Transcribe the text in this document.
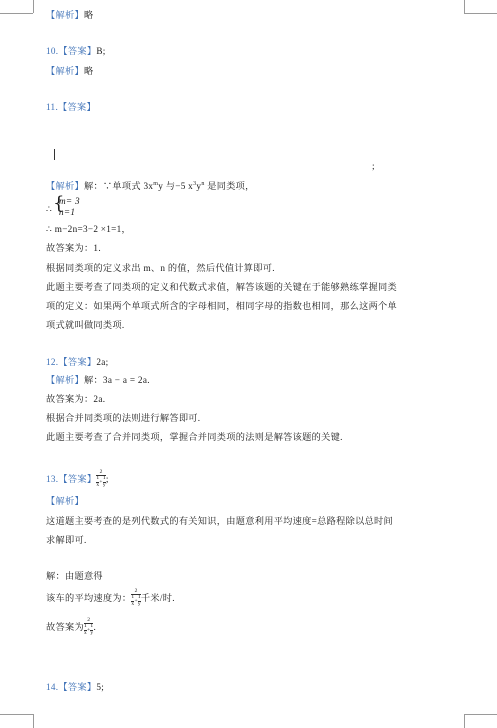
【解析】略
10.【答案】B;
【解析】略
11.【答案】
;
【解析】解：∵单项式 $3x^my$ 与−5 $x^3y^n$ 是同类项，
∴ {
m= 3
n=1
∴ m−2n=3−2 ×1=1，
故答案为：1.
根据同类项的定义求出 m、n 的值，然后代值计算即可.
此题主要考查了同类项的定义和代数式求值，解答该题的关键在于能够熟练掌握同类
项的定义：如果两个单项式所含的字母相同，相同字母的指数也相同，那么这两个单
项式就叫做同类项.
12.【答案】2a;
【解析】解：3a − a = 2a.
故答案为：2a.
根据合并同类项的法则进行解答即可.
此题主要考查了合并同类项，掌握合并同类项的法则是解答该题的关键.
13. 【答案】 2
1
x
+
1
y ;
【解析】
这道题主要考查的是列代数式的有关知识，由题意利用平均速度=总路程除以总时间
求解即可.
解：由题意得
该车的平均速度为： 2
1
x
+
1
y 千米/时.
故答案为 2
1
x
+
1
y .
14.【答案】5;
